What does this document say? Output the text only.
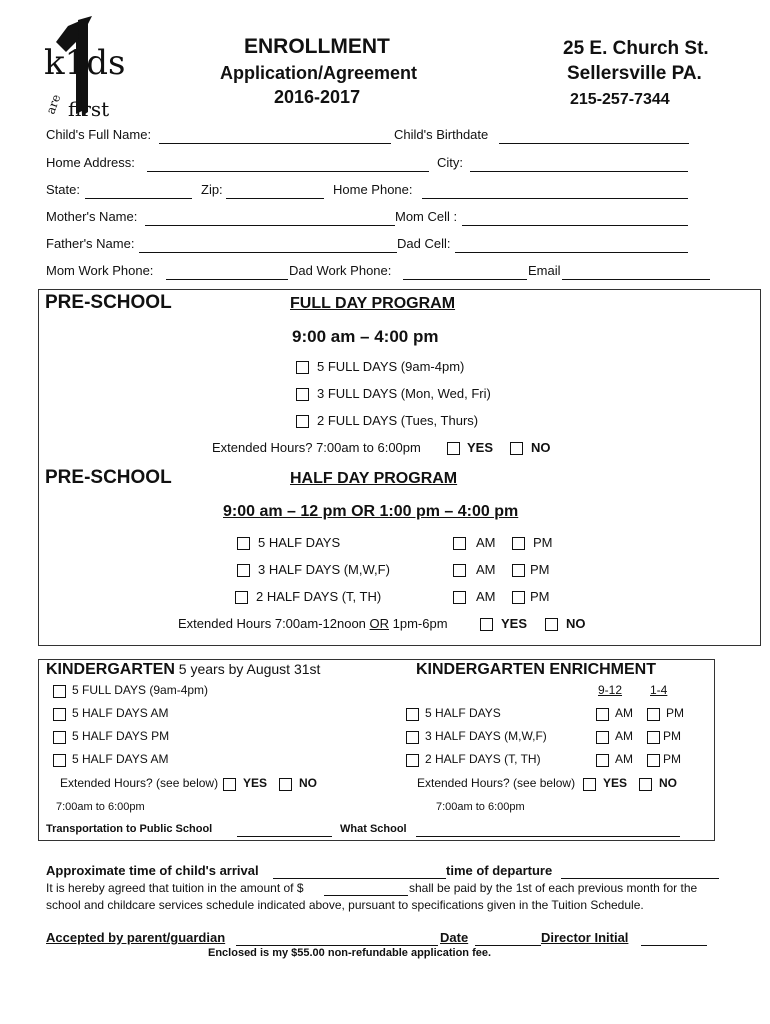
k1ds
are first
ENROLLMENT
Application/Agreement
2016-2017
25 E. Church St.
Sellersville PA.
215-257-7344
Child's Full Name:	Child's Birthdate
Home Address:	City:
State:	Zip:	Home Phone:
Mother's Name:	Mom Cell :
Father's Name:	Dad Cell:
Mom Work Phone:	Dad Work Phone:	Email
PRE-SCHOOL	FULL DAY PROGRAM
9:00 am – 4:00 pm
5 FULL DAYS (9am-4pm)
3 FULL DAYS (Mon, Wed, Fri)
2 FULL DAYS (Tues, Thurs)
Extended Hours? 7:00am to 6:00pm	YES	NO
PRE-SCHOOL	HALF DAY PROGRAM
9:00 am – 12 pm OR 1:00 pm – 4:00 pm
5 HALF DAYS	AM	PM
3 HALF DAYS (M,W,F)	AM	PM
2 HALF DAYS (T, TH)	AM	PM
Extended Hours 7:00am-12noon OR 1pm-6pm	YES	NO
KINDERGARTEN 5 years by August 31st	KINDERGARTEN ENRICHMENT
5 FULL DAYS (9am-4pm)	9-12 1-4
5 HALF DAYS AM	5 HALF DAYS	AM	PM
5 HALF DAYS PM	3 HALF DAYS (M,W,F)	AM	PM
5 HALF DAYS AM	2 HALF DAYS (T, TH)	AM	PM
Extended Hours? (see below) YES	NO	Extended Hours? (see below) YES	NO
7:00am to 6:00pm	7:00am to 6:00pm
Transportation to Public School	What School
Approximate time of child's arrival	time of departure
It is hereby agreed that tuition in the amount of $	shall be paid by the 1st of each previous month for the
school and childcare services schedule indicated above, pursuant to specifications given in the Tuition Schedule.
Accepted by parent/guardian	Date	Director Initial
Enclosed is my $55.00 non-refundable application fee.
